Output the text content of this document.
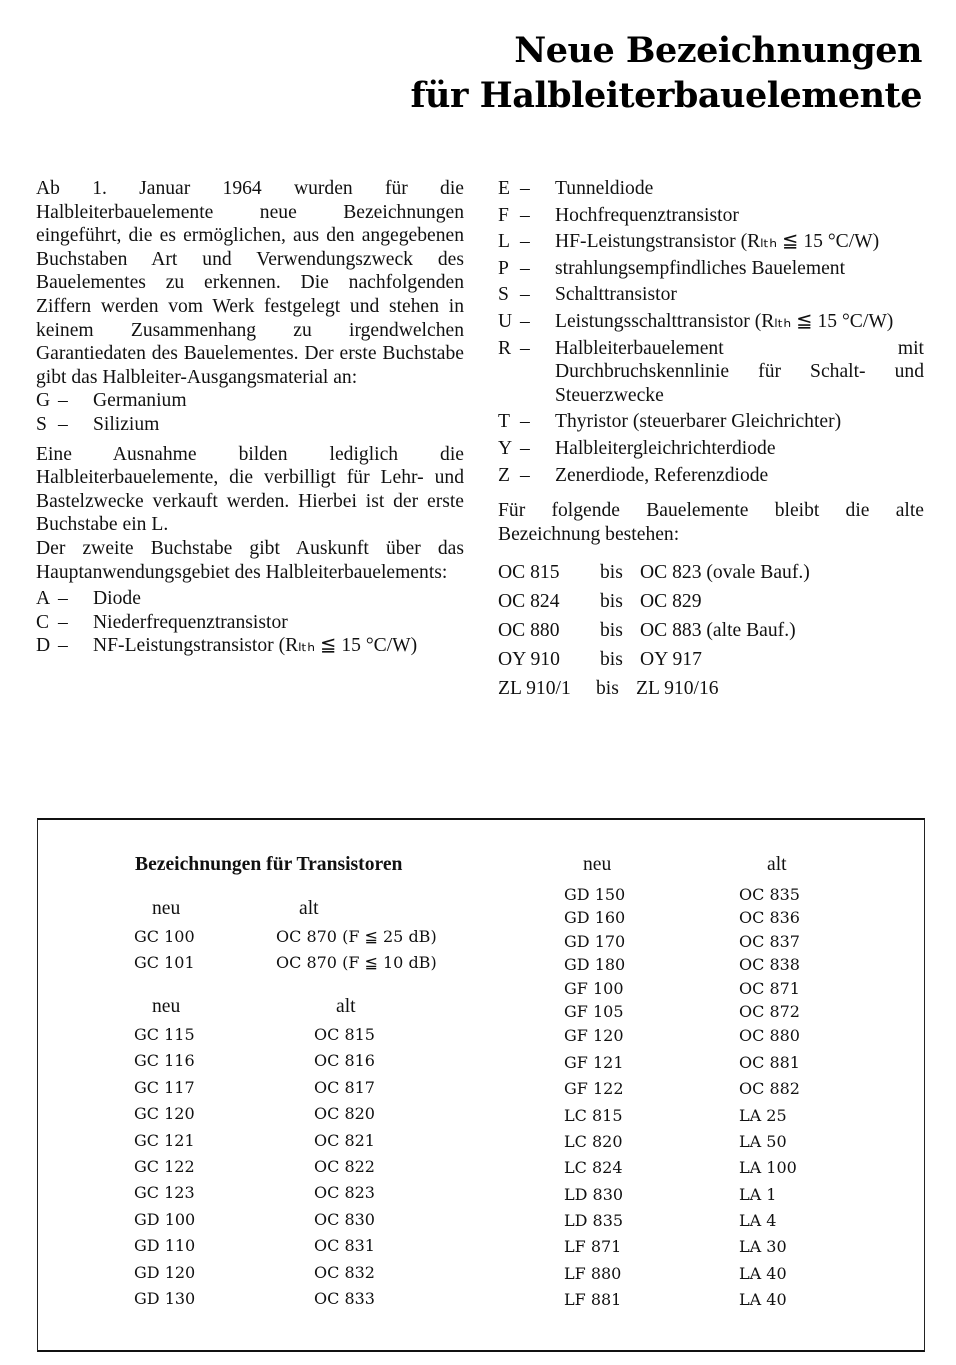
Neue Bezeichnungen
für Halbleiterbauelemente

Ab 1. Januar 1964 wurden für die Halbleiterbauelemente neue Bezeichnungen eingeführt, die es ermöglichen, aus den angegebenen Buchstaben Art und Verwendungszweck des Bauelementes zu erkennen. Die nachfolgenden Ziffern werden vom Werk festgelegt und stehen in keinem Zusammenhang zu irgendwelchen Garantiedaten des Bauelementes. Der erste Buchstabe gibt das Halbleiter-Ausgangsmaterial an:

G –	Germanium
S –	Silizium

Eine Ausnahme bilden lediglich die Halbleiterbauelemente, die verbilligt für Lehr- und Bastelzwecke verkauft werden. Hierbei ist der erste Buchstabe ein L.

Der zweite Buchstabe gibt Auskunft über das Hauptanwendungsgebiet des Halbleiterbauelements:

A –	Diode
C –	Niederfrequenztransistor
D –	NF-Leistungstransistor (Rₗₜₕ ≦ 15 °C/W)
E –	Tunneldiode
F –	Hochfrequenztransistor
L –	HF-Leistungstransistor (Rₗₜₕ ≦ 15 °C/W)
P –	strahlungsempfindliches Bauelement
S –	Schalttransistor
U –	Leistungsschalttransistor (Rₗₜₕ ≦ 15 °C/W)
R –	Halbleiterbauelement mit Durchbruchskennlinie für Schalt- und Steuerzwecke
T –	Thyristor (steuerbarer Gleichrichter)
Y –	Halbleitergleichrichterdiode
Z –	Zenerdiode, Referenzdiode

Für folgende Bauelemente bleibt die alte Bezeichnung bestehen:

OC 815	bis OC 823 (ovale Bauf.)
OC 824	bis OC 829
OC 880	bis OC 883 (alte Bauf.)
OY 910	bis OY 917
ZL 910/1	bis ZL 910/16
Bezeichnungen für Transistoren
neu	alt
GC 100	OC 870 (F ≦ 25 dB)
GC 101	OC 870 (F ≦ 10 dB)
neu	alt
GC 115	OC 815
GC 116	OC 816
GC 117	OC 817
GC 120	OC 820
GC 121	OC 821
GC 122	OC 822
GC 123	OC 823
GD 100	OC 830
GD 110	OC 831
GD 120	OC 832
GD 130	OC 833
neu	alt
GD 150	OC 835
GD 160	OC 836
GD 170	OC 837
GD 180	OC 838
GF 100	OC 871
GF 105	OC 872
GF 120	OC 880
GF 121	OC 881
GF 122	OC 882
LC 815	LA 25
LC 820	LA 50
LC 824	LA 100
LD 830	LA 1
LD 835	LA 4
LF 871	LA 30
LF 880	LA 40
LF 881	LA 40
